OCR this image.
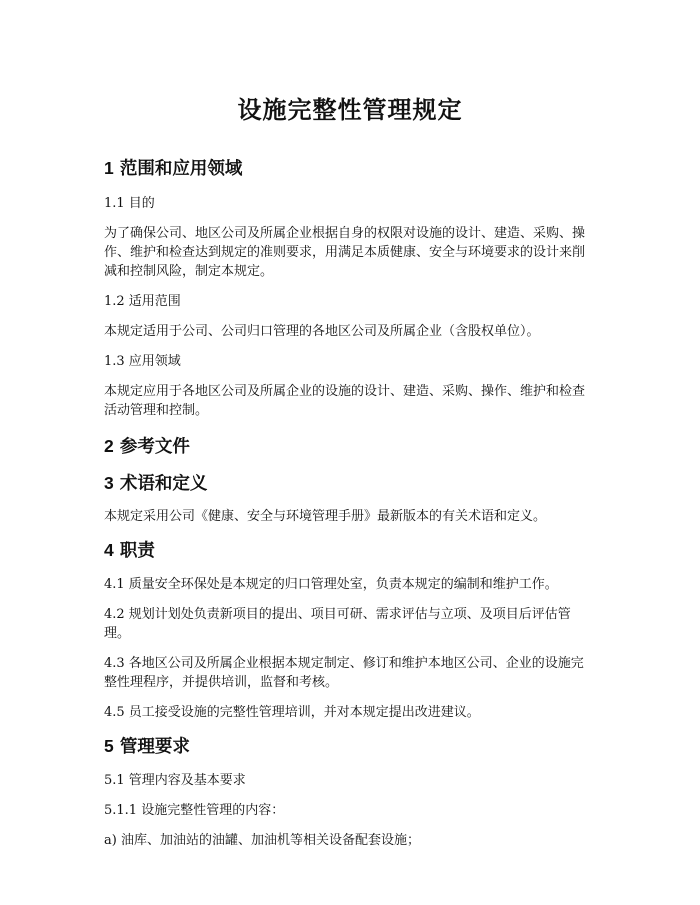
设施完整性管理规定
1 范围和应用领域

1.1 目的

为了确保公司、地区公司及所属企业根据自身的权限对设施的设计、建造、采购、操作、维护和检查达到规定的准则要求，用满足本质健康、安全与环境要求的设计来削减和控制风险，制定本规定。

1.2 适用范围

本规定适用于公司、公司归口管理的各地区公司及所属企业（含股权单位）。

1.3 应用领域

本规定应用于各地区公司及所属企业的设施的设计、建造、采购、操作、维护和检查活动管理和控制。

2 参考文件
3 术语和定义

本规定采用公司《健康、安全与环境管理手册》最新版本的有关术语和定义。

4 职责

4.1 质量安全环保处是本规定的归口管理处室，负责本规定的编制和维护工作。

4.2 规划计划处负责新项目的提出、项目可研、需求评估与立项、及项目后评估管理。

4.3 各地区公司及所属企业根据本规定制定、修订和维护本地区公司、企业的设施完整性理程序，并提供培训，监督和考核。

4.5 员工接受设施的完整性管理培训，并对本规定提出改进建议。

5 管理要求

5.1 管理内容及基本要求

5.1.1 设施完整性管理的内容：

a) 油库、加油站的油罐、加油机等相关设备配套设施；
